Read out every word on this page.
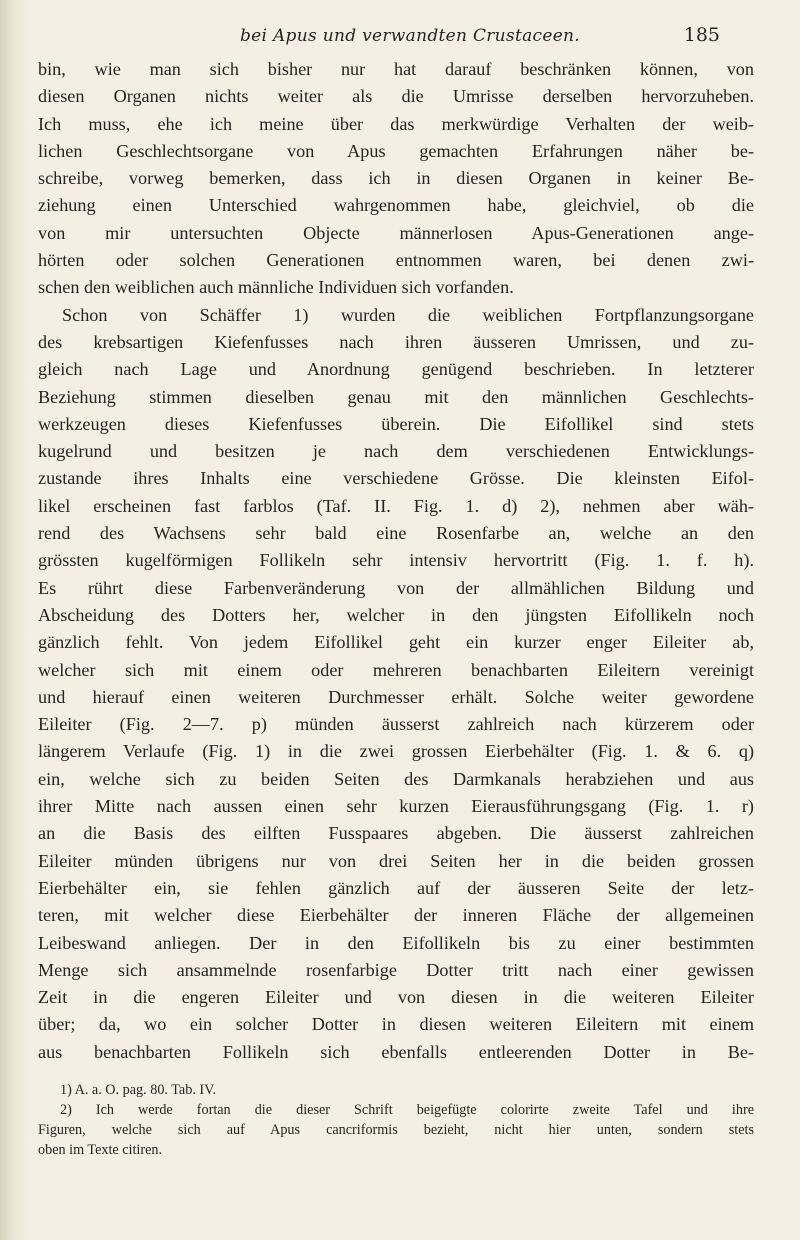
bei Apus und verwandten Crustaceen.	185
bin, wie man sich bisher nur hat darauf beschränken können, von
diesen Organen nichts weiter als die Umrisse derselben hervorzuheben.
Ich muss, ehe ich meine über das merkwürdige Verhalten der weib-
lichen Geschlechtsorgane von Apus gemachten Erfahrungen näher be-
schreibe, vorweg bemerken, dass ich in diesen Organen in keiner Be-
ziehung einen Unterschied wahrgenommen habe, gleichviel, ob die
von mir untersuchten Objecte männerlosen Apus-Generationen ange-
hörten oder solchen Generationen entnommen waren, bei denen zwi-
schen den weiblichen auch männliche Individuen sich vorfanden.
Schon von Schäffer 1) wurden die weiblichen Fortpflanzungsorgane
des krebsartigen Kiefenfusses nach ihren äusseren Umrissen, und zu-
gleich nach Lage und Anordnung genügend beschrieben. In letzterer
Beziehung stimmen dieselben genau mit den männlichen Geschlechts-
werkzeugen dieses Kiefenfusses überein. Die Eifollikel sind stets
kugelrund und besitzen je nach dem verschiedenen Entwicklungs-
zustande ihres Inhalts eine verschiedene Grösse. Die kleinsten Eifol-
likel erscheinen fast farblos (Taf. II. Fig. 1. d) 2), nehmen aber wäh-
rend des Wachsens sehr bald eine Rosenfarbe an, welche an den
grössten kugelförmigen Follikeln sehr intensiv hervortritt (Fig. 1. f. h).
Es rührt diese Farbenveränderung von der allmählichen Bildung und
Abscheidung des Dotters her, welcher in den jüngsten Eifollikeln noch
gänzlich fehlt. Von jedem Eifollikel geht ein kurzer enger Eileiter ab,
welcher sich mit einem oder mehreren benachbarten Eileitern vereinigt
und hierauf einen weiteren Durchmesser erhält. Solche weiter gewordene
Eileiter (Fig. 2—7. p) münden äusserst zahlreich nach kürzerem oder
längerem Verlaufe (Fig. 1) in die zwei grossen Eierbehälter (Fig. 1. & 6. q)
ein, welche sich zu beiden Seiten des Darmkanals herabziehen und aus
ihrer Mitte nach aussen einen sehr kurzen Eierausführungsgang (Fig. 1. r)
an die Basis des eilften Fusspaares abgeben. Die äusserst zahlreichen
Eileiter münden übrigens nur von drei Seiten her in die beiden grossen
Eierbehälter ein, sie fehlen gänzlich auf der äusseren Seite der letz-
teren, mit welcher diese Eierbehälter der inneren Fläche der allgemeinen
Leibeswand anliegen. Der in den Eifollikeln bis zu einer bestimmten
Menge sich ansammelnde rosenfarbige Dotter tritt nach einer gewissen
Zeit in die engeren Eileiter und von diesen in die weiteren Eileiter
über; da, wo ein solcher Dotter in diesen weiteren Eileitern mit einem
aus benachbarten Follikeln sich ebenfalls entleerenden Dotter in Be-
1) A. a. O. pag. 80. Tab. IV.
2) Ich werde fortan die dieser Schrift beigefügte colorirte zweite Tafel und ihre
Figuren, welche sich auf Apus cancriformis bezieht, nicht hier unten, sondern stets
oben im Texte citiren.
